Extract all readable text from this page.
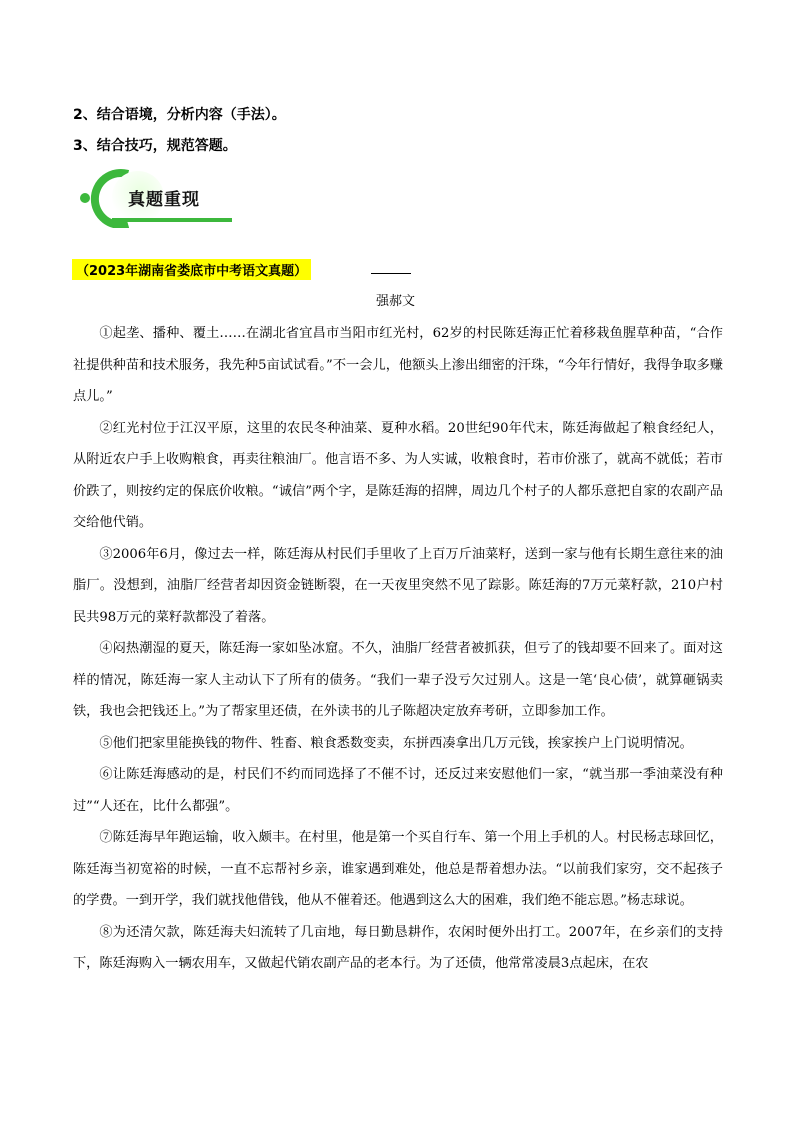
2、结合语境，分析内容（手法）。
3、结合技巧，规范答题。
真题重现
（2023年湖南省娄底市中考语文真题）
强郝文

①起垄、播种、覆土……在湖北省宜昌市当阳市红光村，62岁的村民陈廷海正忙着移栽鱼腥草种苗，“合作社提供种苗和技术服务，我先种5亩试试看。”不一会儿，他额头上渗出细密的汗珠，“今年行情好，我得争取多赚点儿。”

②红光村位于江汉平原，这里的农民冬种油菜、夏种水稻。20世纪90年代末，陈廷海做起了粮食经纪人，从附近农户手上收购粮食，再卖往粮油厂。他言语不多、为人实诚，收粮食时，若市价涨了，就高不就低；若市价跌了，则按约定的保底价收粮。“诚信”两个字，是陈廷海的招牌，周边几个村子的人都乐意把自家的农副产品交给他代销。

③2006年6月，像过去一样，陈廷海从村民们手里收了上百万斤油菜籽，送到一家与他有长期生意往来的油脂厂。没想到，油脂厂经营者却因资金链断裂，在一天夜里突然不见了踪影。陈廷海的7万元菜籽款，210户村民共98万元的菜籽款都没了着落。

④闷热潮湿的夏天，陈廷海一家如坠冰窟。不久，油脂厂经营者被抓获，但亏了的钱却要不回来了。面对这样的情况，陈廷海一家人主动认下了所有的债务。“我们一辈子没亏欠过别人。这是一笔‘良心债’，就算砸锅卖铁，我也会把钱还上。”为了帮家里还债，在外读书的儿子陈超决定放弃考研，立即参加工作。

⑤他们把家里能换钱的物件、牲畜、粮食悉数变卖，东拼西凑拿出几万元钱，挨家挨户上门说明情况。

⑥让陈廷海感动的是，村民们不约而同选择了不催不讨，还反过来安慰他们一家，“就当那一季油菜没有种过”“人还在，比什么都强”。

⑦陈廷海早年跑运输，收入颇丰。在村里，他是第一个买自行车、第一个用上手机的人。村民杨志球回忆，陈廷海当初宽裕的时候，一直不忘帮衬乡亲，谁家遇到难处，他总是帮着想办法。“以前我们家穷，交不起孩子的学费。一到开学，我们就找他借钱，他从不催着还。他遇到这么大的困难，我们绝不能忘恩。”杨志球说。

⑧为还清欠款，陈廷海夫妇流转了几亩地，每日勤恳耕作，农闲时便外出打工。2007年，在乡亲们的支持下，陈廷海购入一辆农用车，又做起代销农副产品的老本行。为了还债，他常常凌晨3点起床，在农
